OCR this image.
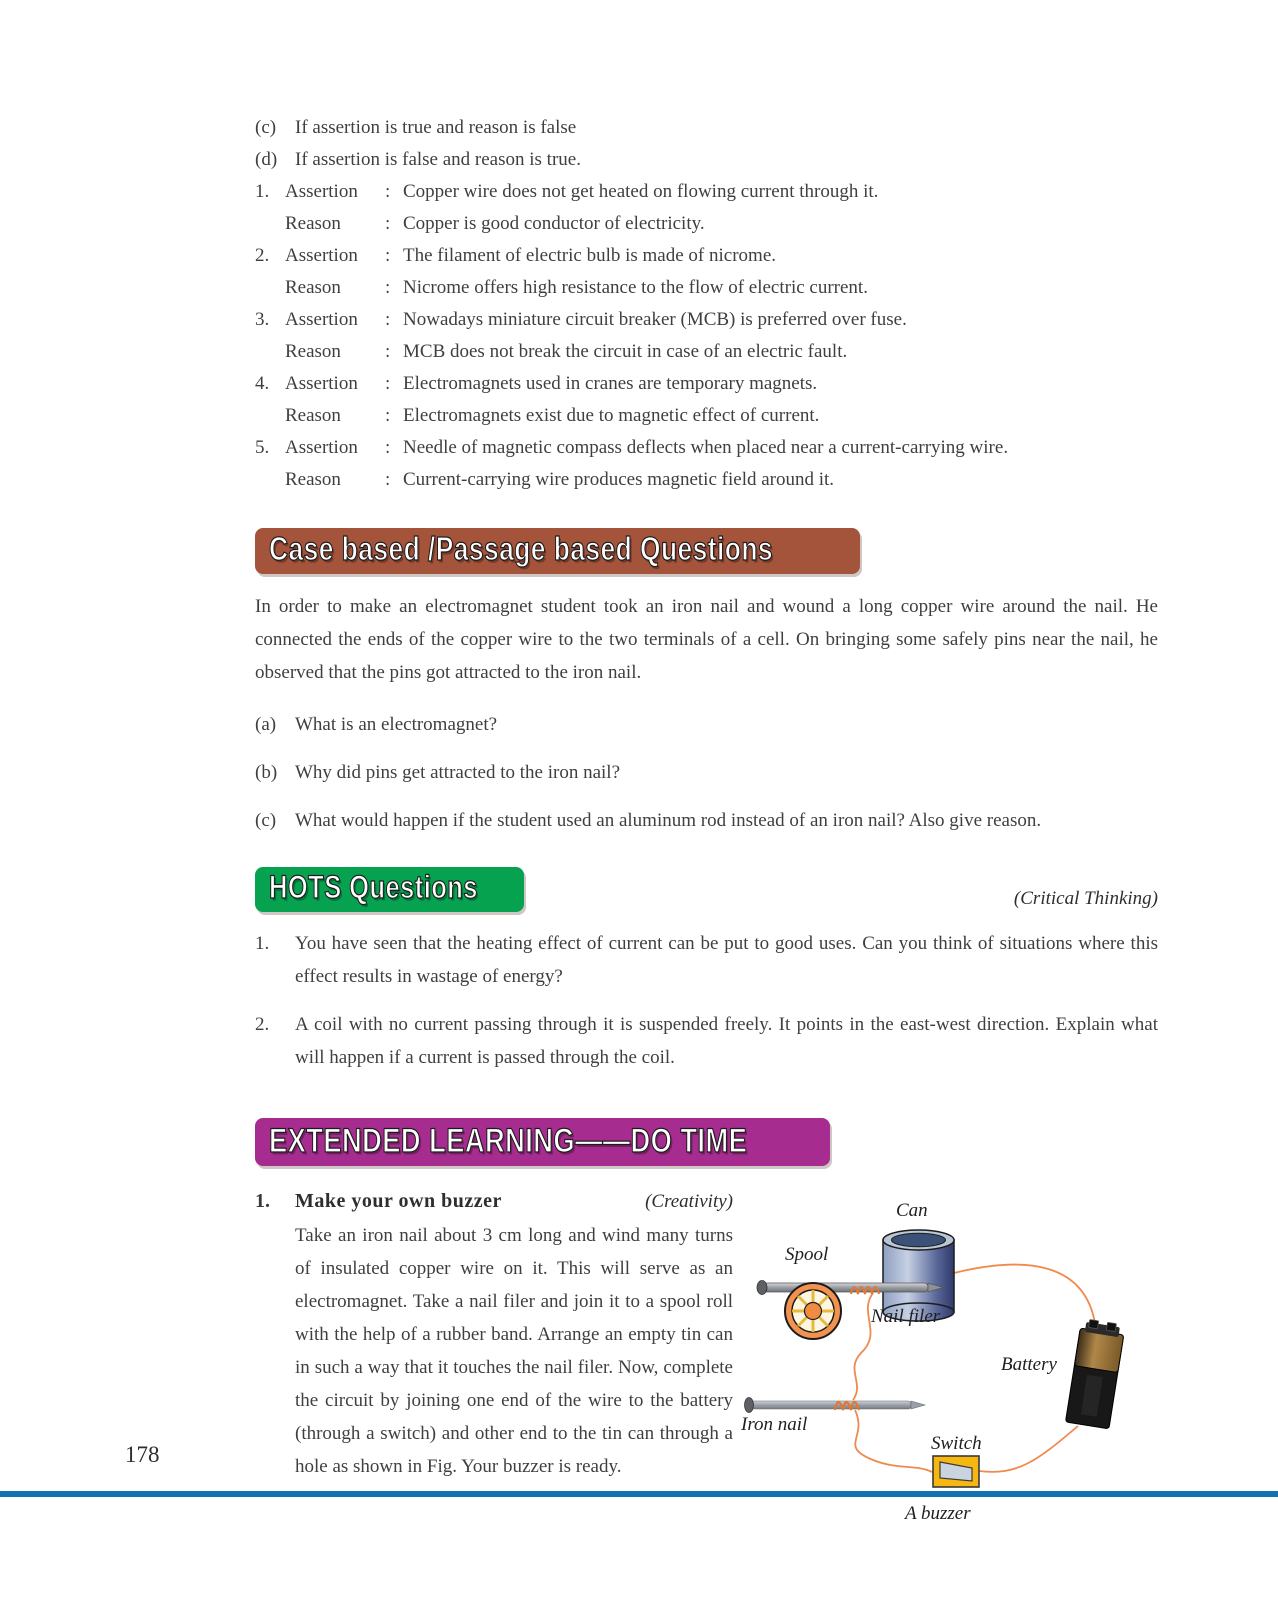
(c) If assertion is true and reason is false
(d) If assertion is false and reason is true.
1. Assertion	: Copper wire does not get heated on flowing current through it.
Reason	: Copper is good conductor of electricity.
2. Assertion	: The filament of electric bulb is made of nicrome.
Reason	: Nicrome offers high resistance to the flow of electric current.
3. Assertion	: Nowadays miniature circuit breaker (MCB) is preferred over fuse.
Reason	: MCB does not break the circuit in case of an electric fault.
4. Assertion	: Electromagnets used in cranes are temporary magnets.
Reason	: Electromagnets exist due to magnetic effect of current.
5. Assertion	: Needle of magnetic compass deflects when placed near a current-carrying wire.
Reason	: Current-carrying wire produces magnetic field around it.
Case based /Passage based Questions

In order to make an electromagnet student took an iron nail and wound a long copper wire around the nail. He connected the ends of the copper wire to the two terminals of a cell. On bringing some safely pins near the nail, he observed that the pins got attracted to the iron nail.

(a) What is an electromagnet?
(b) Why did pins get attracted to the iron nail?
(c) What would happen if the student used an aluminum rod instead of an iron nail? Also give reason.
HOTS Questions	(Critical Thinking)
1.	You have seen that the heating effect of current can be put to good uses. Can you think of situations where this effect results in wastage of energy?
2.	A coil with no current passing through it is suspended freely. It points in the east-west direction. Explain what will happen if a current is passed through the coil.
EXTENDED LEARNING——DO TIME
1.	Make your own buzzer	(Creativity)
Take an iron nail about 3 cm long and wind many turns of insulated copper wire on it. This will serve as an electromagnet. Take a nail filer and join it to a spool roll with the help of a rubber band. Arrange an empty tin can in such a way that it touches the nail filer. Now, complete the circuit by joining one end of the wire to the battery (through a switch) and other end to the tin can through a hole as shown in Fig. Your buzzer is ready.
Can
Spool
Nail filer
Battery
Iron nail
Switch
A buzzer
178
